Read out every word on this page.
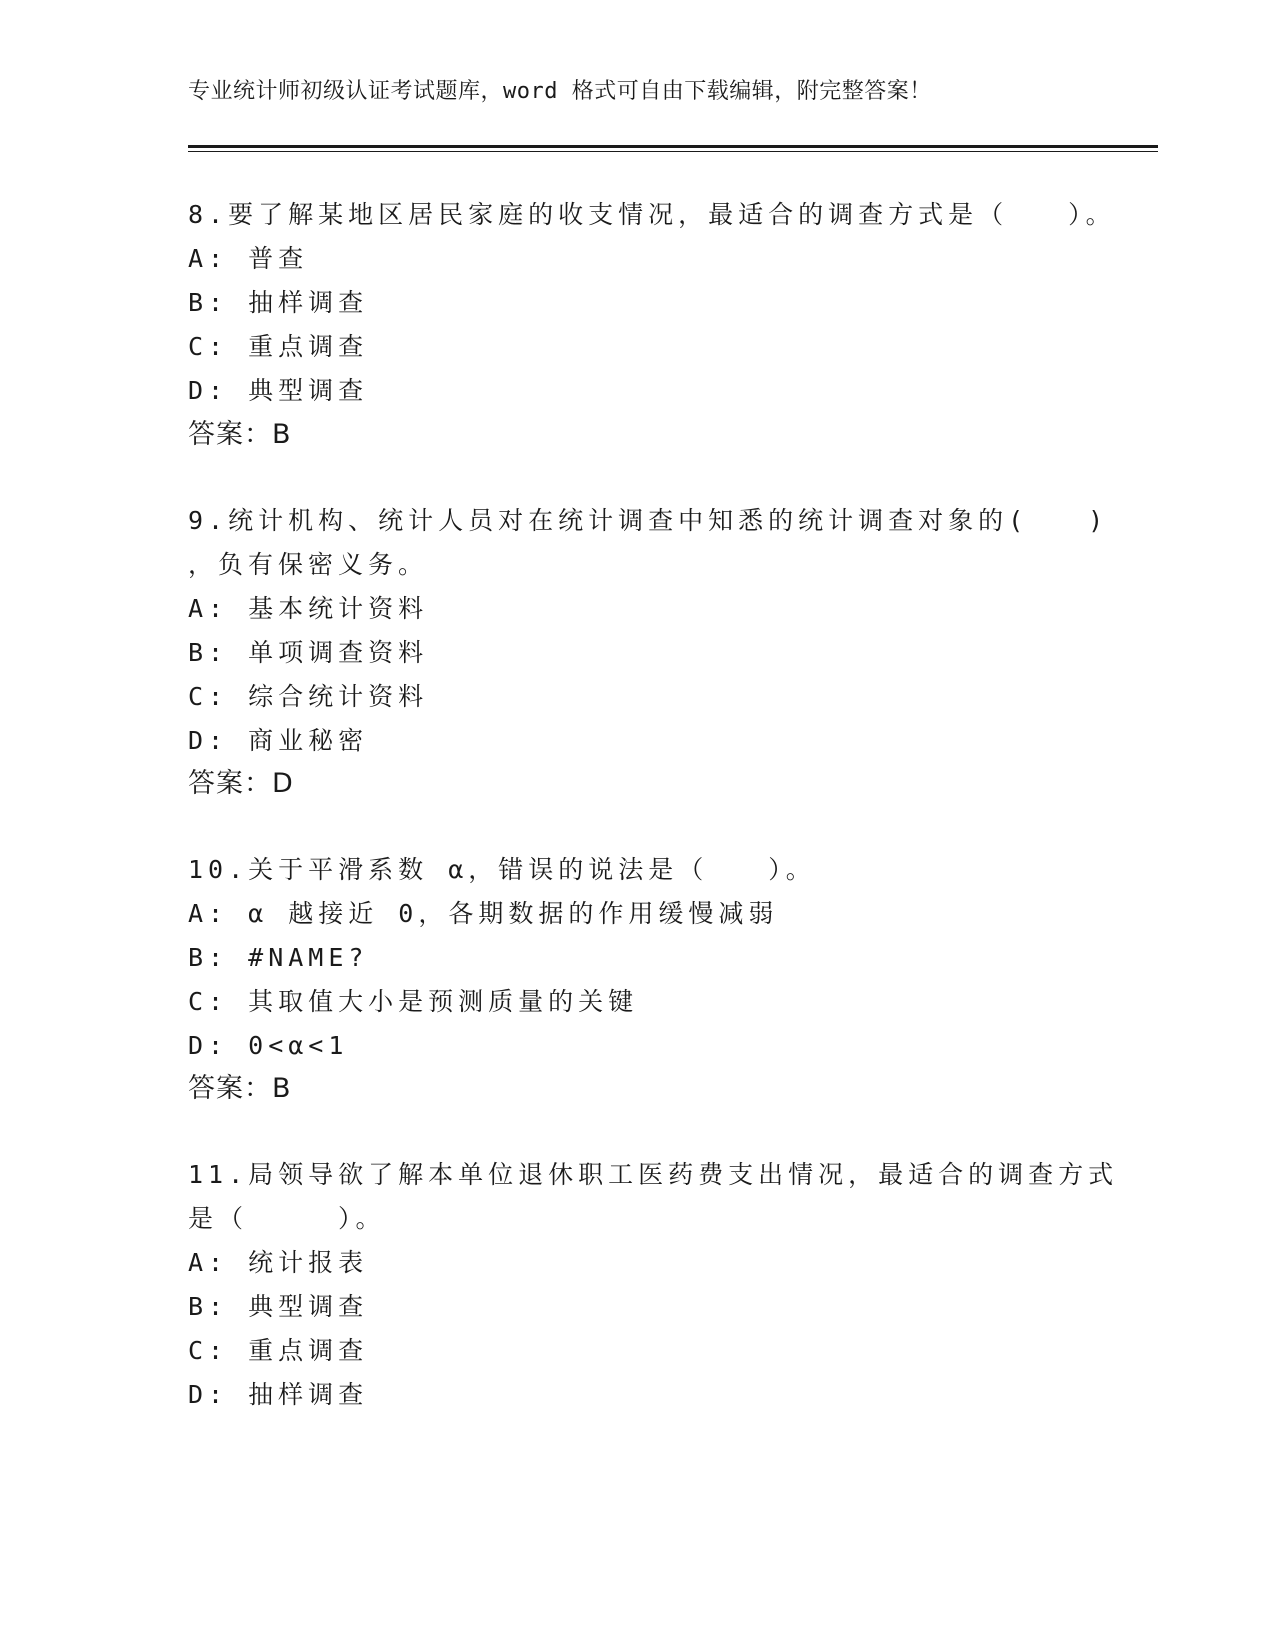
专业统计师初级认证考试题库，word 格式可自由下载编辑，附完整答案！
8.要了解某地区居民家庭的收支情况，最适合的调查方式是（　　）。
A: 普查
B: 抽样调查
C: 重点调查
D: 典型调查
答案：B
9.统计机构、统计人员对在统计调查中知悉的统计调查对象的(　　)
，负有保密义务。
A: 基本统计资料
B: 单项调查资料
C: 综合统计资料
D: 商业秘密
答案：D
10.关于平滑系数 α，错误的说法是（　　）。
A: α 越接近 0，各期数据的作用缓慢减弱
B: #NAME?
C: 其取值大小是预测质量的关键
D: 0<α<1
答案：B
11.局领导欲了解本单位退休职工医药费支出情况，最适合的调查方式
是（　　　）。
A: 统计报表
B: 典型调查
C: 重点调查
D: 抽样调查
